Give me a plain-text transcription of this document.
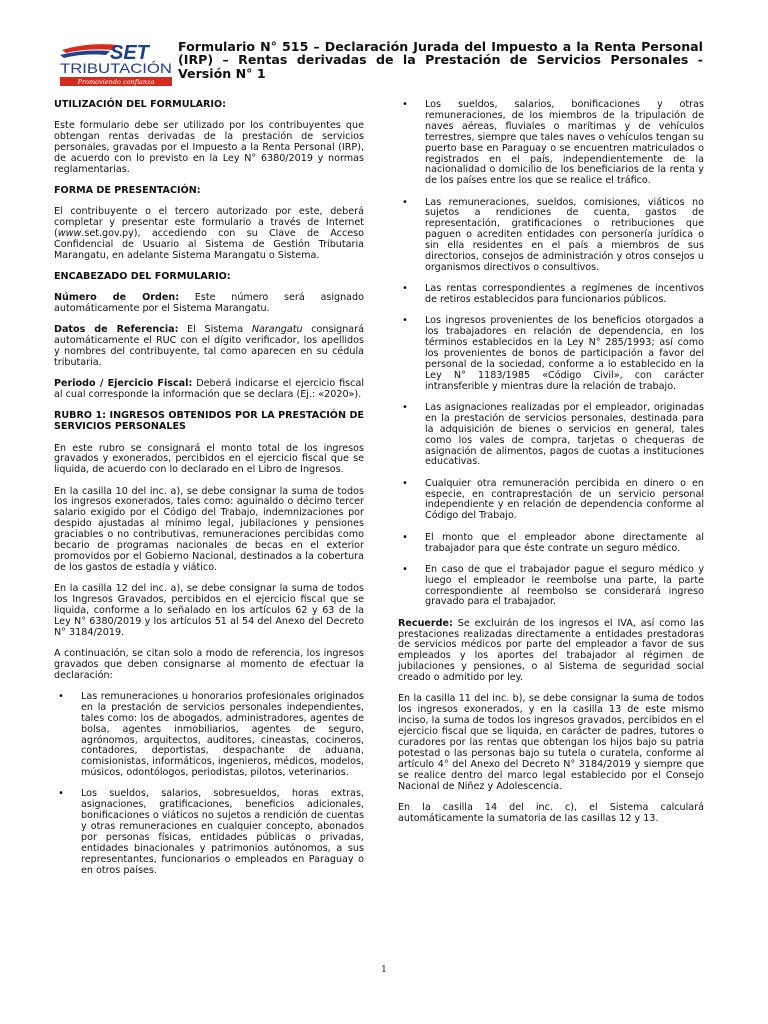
SET
TRIBUTACIÓN
Promoviendo confianza
Formulario N° 515 – Declaración Jurada del Impuesto a la Renta Personal (IRP) – Rentas derivadas de la Prestación de Servicios Personales - Versión N° 1
UTILIZACIÓN DEL FORMULARIO:

Este formulario debe ser utilizado por los contribuyentes que obtengan rentas derivadas de la prestación de servicios personales, gravadas por el Impuesto a la Renta Personal (IRP), de acuerdo con lo previsto en la Ley N° 6380/2019 y normas reglamentarias.

FORMA DE PRESENTACIÓN:

El contribuyente o el tercero autorizado por este, deberá completar y presentar este formulario a través de Internet (www.set.gov.py), accediendo con su Clave de Acceso Confidencial de Usuario al Sistema de Gestión Tributaria Marangatu, en adelante Sistema Marangatu o Sistema.

ENCABEZADO DEL FORMULARIO:

Número de Orden: Este número será asignado automáticamente por el Sistema Marangatu.

Datos de Referencia: El Sistema Narangatu consignará automáticamente el RUC con el dígito verificador, los apellidos y nombres del contribuyente, tal como aparecen en su cédula tributaria.

Periodo / Ejercicio Fiscal: Deberá indicarse el ejercicio fiscal al cual corresponde la información que se declara (Ej.: «2020»).

RUBRO 1: INGRESOS OBTENIDOS POR LA PRESTACIÓN DE SERVICIOS PERSONALES

En este rubro se consignará el monto total de los ingresos gravados y exonerados, percibidos en el ejercicio fiscal que se liquida, de acuerdo con lo declarado en el Libro de Ingresos.

En la casilla 10 del inc. a), se debe consignar la suma de todos los ingresos exonerados, tales como: aguinaldo o décimo tercer salario exigido por el Código del Trabajo, indemnizaciones por despido ajustadas al mínimo legal, jubilaciones y pensiones graciables o no contributivas, remuneraciones percibidas como becario de programas nacionales de becas en el exterior promovidos por el Gobierno Nacional, destinados a la cobertura de los gastos de estadía y viático.

En la casilla 12 del inc. a), se debe consignar la suma de todos los Ingresos Gravados, percibidos en el ejercicio fiscal que se liquida, conforme a lo señalado en los artículos 62 y 63 de la Ley N° 6380/2019 y los artículos 51 al 54 del Anexo del Decreto N° 3184/2019.

A continuación, se citan solo a modo de referencia, los ingresos gravados que deben consignarse al momento de efectuar la declaración:

• Las remuneraciones u honorarios profesionales originados en la prestación de servicios personales independientes, tales como: los de abogados, administradores, agentes de bolsa, agentes inmobiliarios, agentes de seguro, agrónomos, arquitectos, auditores, cineastas, cocineros, contadores, deportistas, despachante de aduana, comisionistas, informáticos, ingenieros, médicos, modelos, músicos, odontólogos, periodistas, pilotos, veterinarios.
• Los sueldos, salarios, sobresueldos, horas extras, asignaciones, gratificaciones, beneficios adicionales, bonificaciones o viáticos no sujetos a rendición de cuentas y otras remuneraciones en cualquier concepto, abonados por personas físicas, entidades públicas o privadas, entidades binacionales y patrimonios autónomos, a sus representantes, funcionarios o empleados en Paraguay o en otros países.
• Los sueldos, salarios, bonificaciones y otras remuneraciones, de los miembros de la tripulación de naves aéreas, fluviales o marítimas y de vehículos terrestres, siempre que tales naves o vehículos tengan su puerto base en Paraguay o se encuentren matriculados o registrados en el país, independientemente de la nacionalidad o domicilio de los beneficiarios de la renta y de los países entre los que se realice el tráfico.
• Las remuneraciones, sueldos, comisiones, viáticos no sujetos a rendiciones de cuenta, gastos de representación, gratificaciones o retribuciones que paguen o acrediten entidades con personería jurídica o sin ella residentes en el país a miembros de sus directorios, consejos de administración y otros consejos u organismos directivos o consultivos.
• Las rentas correspondientes a regímenes de incentivos de retiros establecidos para funcionarios públicos.
• Los ingresos provenientes de los beneficios otorgados a los trabajadores en relación de dependencia, en los términos establecidos en la Ley N° 285/1993; así como los provenientes de bonos de participación a favor del personal de la sociedad, conforme a lo establecido en la Ley N° 1183/1985 «Código Civil», con carácter intransferible y mientras dure la relación de trabajo.
• Las asignaciones realizadas por el empleador, originadas en la prestación de servicios personales, destinada para la adquisición de bienes o servicios en general, tales como los vales de compra, tarjetas o chequeras de asignación de alimentos, pagos de cuotas a instituciones educativas.
• Cualquier otra remuneración percibida en dinero o en especie, en contraprestación de un servicio personal independiente y en relación de dependencia conforme al Código del Trabajo.
• El monto que el empleador abone directamente al trabajador para que éste contrate un seguro médico.
• En caso de que el trabajador pague el seguro médico y luego el empleador le reembolse una parte, la parte correspondiente al reembolso se considerará ingreso gravado para el trabajador.

Recuerde: Se excluirán de los ingresos el IVA, así como las prestaciones realizadas directamente a entidades prestadoras de servicios médicos por parte del empleador a favor de sus empleados y los aportes del trabajador al régimen de jubilaciones y pensiones, o al Sistema de seguridad social creado o admitido por ley.

En la casilla 11 del inc. b), se debe consignar la suma de todos los ingresos exonerados, y en la casilla 13 de este mismo inciso, la suma de todos los ingresos gravados, percibidos en el ejercicio fiscal que se liquida, en carácter de padres, tutores o curadores por las rentas que obtengan los hijos bajo su patria potestad o las personas bajo su tutela o curatela, conforme al artículo 4° del Anexo del Decreto N° 3184/2019 y siempre que se realice dentro del marco legal establecido por el Consejo Nacional de Niñez y Adolescencia.

En la casilla 14 del inc. c), el Sistema calculará automáticamente la sumatoria de las casillas 12 y 13.

1
